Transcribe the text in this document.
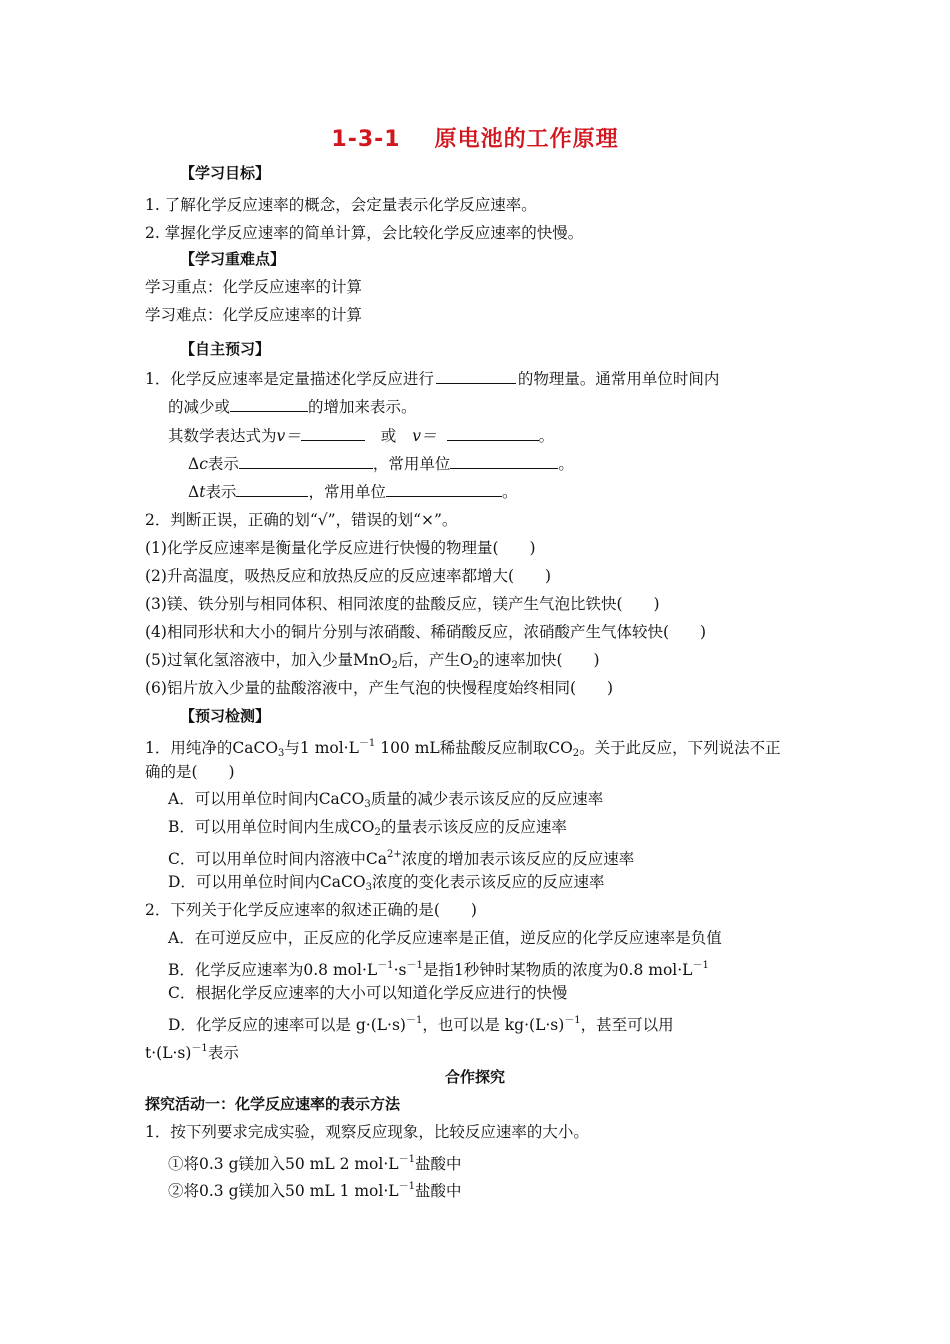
1-3-1 原电池的工作原理
【学习目标】
1. 了解化学反应速率的概念，会定量表示化学反应速率。
2. 掌握化学反应速率的简单计算，会比较化学反应速率的快慢。
【学习重难点】
学习重点：化学反应速率的计算
学习难点：化学反应速率的计算
【自主预习】
1．化学反应速率是定量描述化学反应进行	的物理量。通常用单位时间内
的减少或	的增加来表示。
其数学表达式为v＝	或 v＝	。
Δc表示	，常用单位	。
Δt表示	，常用单位	。
2．判断正误，正确的划“√”，错误的划“×”。
(1)化学反应速率是衡量化学反应进行快慢的物理量(　　)
(2)升高温度，吸热反应和放热反应的反应速率都增大(　　)
(3)镁、铁分别与相同体积、相同浓度的盐酸反应，镁产生气泡比铁快(　　)
(4)相同形状和大小的铜片分别与浓硝酸、稀硝酸反应，浓硝酸产生气体较快(　　)
(5)过氧化氢溶液中，加入少量MnO2后，产生O2的速率加快(　　)
(6)铝片放入少量的盐酸溶液中，产生气泡的快慢程度始终相同(　　)
【预习检测】
1．用纯净的CaCO3与1 $mol\cdot L^{-1}$ 100 mL稀盐酸反应制取CO2。关于此反应，下列说法不正
确的是(　　)
A．可以用单位时间内CaCO3质量的减少表示该反应的反应速率
B．可以用单位时间内生成CO2的量表示该反应的反应速率
C．可以用单位时间内溶液中$Ca^{2+}$浓度的增加表示该反应的反应速率
D．可以用单位时间内CaCO3浓度的变化表示该反应的反应速率
2．下列关于化学反应速率的叙述正确的是(　　)
A．在可逆反应中，正反应的化学反应速率是正值，逆反应的化学反应速率是负值
B．化学反应速率为0.8 $mol\cdot L^{-1}\cdot s^{-1}$是指1秒钟时某物质的浓度为0.8 $mol\cdot L^{-1}$
C．根据化学反应速率的大小可以知道化学反应进行的快慢
D．化学反应的速率可以是 $g\cdot(L\cdot s)^{-1}$，也可以是 $kg\cdot(L\cdot s)^{-1}$，甚至可以用
$t\cdot(L\cdot s)^{-1}$表示
合作探究
探究活动一：化学反应速率的表示方法
1．按下列要求完成实验，观察反应现象，比较反应速率的大小。
①将0.3 g镁加入50 mL 2 $mol\cdot L^{-1}$盐酸中
②将0.3 g镁加入50 mL 1 $mol\cdot L^{-1}$盐酸中
